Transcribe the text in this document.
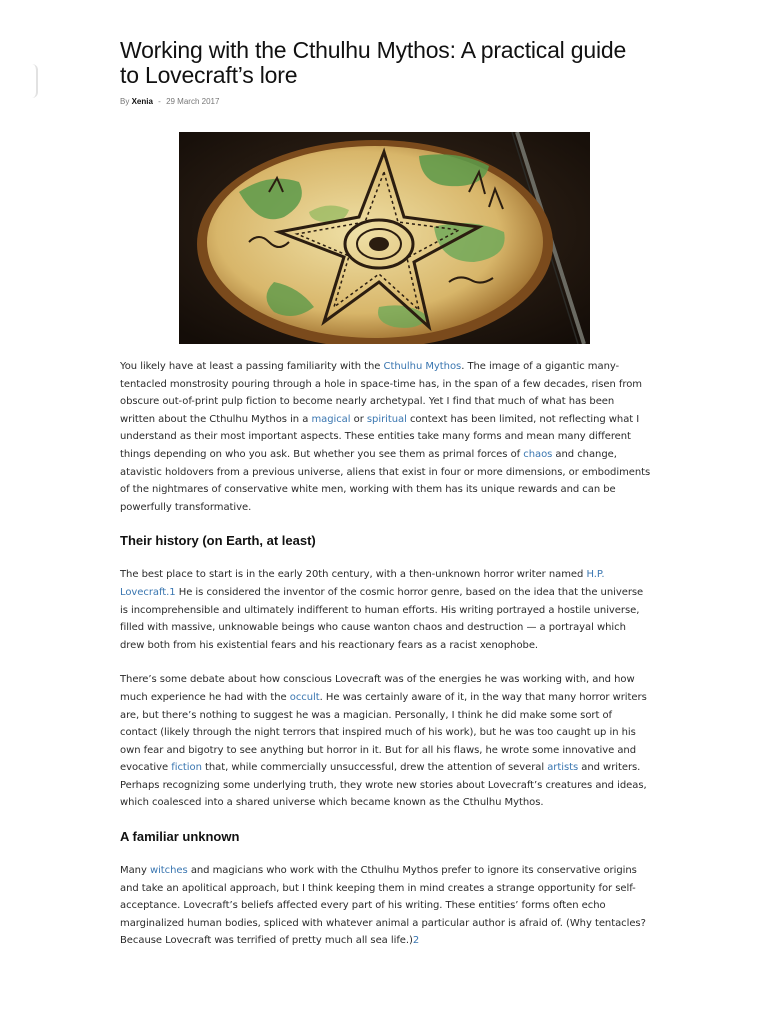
Working with the Cthulhu Mythos: A practical guide to Lovecraft’s lore
By Xenia - 29 March 2017

You likely have at least a passing familiarity with the Cthulhu Mythos. The image of a gigantic many-tentacled monstrosity pouring through a hole in space-time has, in the span of a few decades, risen from obscure out-of-print pulp fiction to become nearly archetypal. Yet I find that much of what has been written about the Cthulhu Mythos in a magical or spiritual context has been limited, not reflecting what I understand as their most important aspects. These entities take many forms and mean many different things depending on who you ask. But whether you see them as primal forces of chaos and change, atavistic holdovers from a previous universe, aliens that exist in four or more dimensions, or embodiments of the nightmares of conservative white men, working with them has its unique rewards and can be powerfully transformative.

Their history (on Earth, at least)

The best place to start is in the early 20th century, with a then-unknown horror writer named H.P. Lovecraft.1 He is considered the inventor of the cosmic horror genre, based on the idea that the universe is incomprehensible and ultimately indifferent to human efforts. His writing portrayed a hostile universe, filled with massive, unknowable beings who cause wanton chaos and destruction — a portrayal which drew both from his existential fears and his reactionary fears as a racist xenophobe.

There’s some debate about how conscious Lovecraft was of the energies he was working with, and how much experience he had with the occult. He was certainly aware of it, in the way that many horror writers are, but there’s nothing to suggest he was a magician. Personally, I think he did make some sort of contact (likely through the night terrors that inspired much of his work), but he was too caught up in his own fear and bigotry to see anything but horror in it. But for all his flaws, he wrote some innovative and evocative fiction that, while commercially unsuccessful, drew the attention of several artists and writers. Perhaps recognizing some underlying truth, they wrote new stories about Lovecraft’s creatures and ideas, which coalesced into a shared universe which became known as the Cthulhu Mythos.

A familiar unknown

Many witches and magicians who work with the Cthulhu Mythos prefer to ignore its conservative origins and take an apolitical approach, but I think keeping them in mind creates a strange opportunity for self-acceptance. Lovecraft’s beliefs affected every part of his writing. These entities’ forms often echo marginalized human bodies, spliced with whatever animal a particular author is afraid of. (Why tentacles? Because Lovecraft was terrified of pretty much all sea life.)2
